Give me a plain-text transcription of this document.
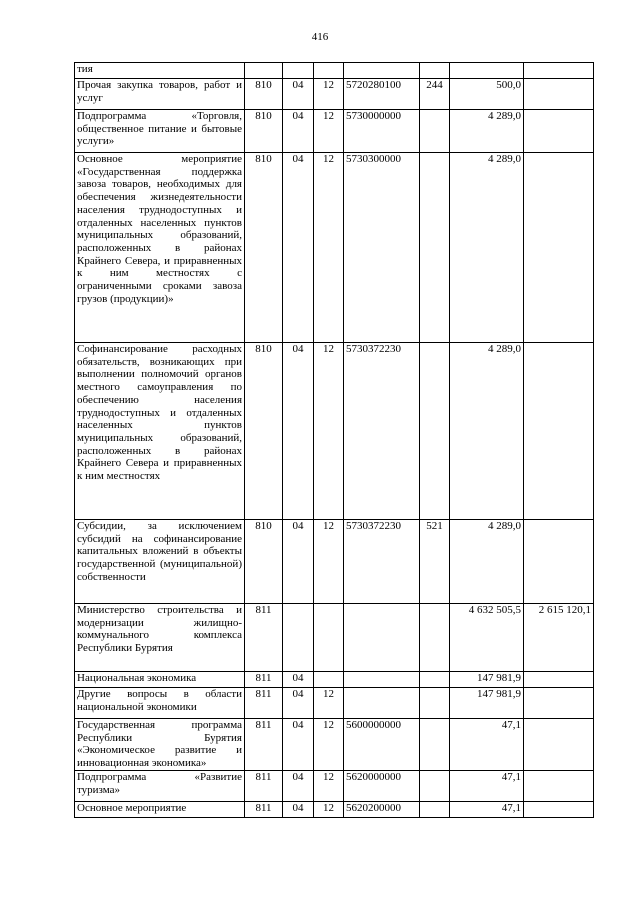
416
тия							
Прочая закупка товаров, работ и услуг	810	04	12	5720280100	244	500,0	
Подпрограмма «Торговля, общественное питание и бытовые услуги»	810	04	12	5730000000		4 289,0	
Основное мероприятие «Государственная поддержка завоза товаров, необходимых для обеспечения жизнедеятельности населения труднодоступных и отдаленных населенных пунктов муниципальных образований, расположенных в районах Крайнего Севера, и приравненных к ним местностях с ограниченными сроками завоза грузов (продукции)»	810	04	12	5730300000		4 289,0	
Софинансирование расходных обязательств, возникающих при выполнении полномочий органов местного самоуправления по обеспечению населения труднодоступных и отдаленных населенных пунктов муниципальных образований, расположенных в районах Крайнего Севера и приравненных к ним местностях	810	04	12	5730372230		4 289,0	
Субсидии, за исключением субсидий на софинансирование капитальных вложений в объекты государственной (муниципальной) собственности	810	04	12	5730372230	521	4 289,0	
Министерство строительства и модернизации жилищно-коммунального комплекса Республики Бурятия	811					4 632 505,5	2 615 120,1
Национальная экономика	811	04				147 981,9	
Другие вопросы в области национальной экономики	811	04	12			147 981,9	
Государственная программа Республики Бурятия «Экономическое развитие и инновационная экономика»	811	04	12	5600000000		47,1	
Подпрограмма «Развитие туризма»	811	04	12	5620000000		47,1	
Основное мероприятие	811	04	12	5620200000		47,1	
